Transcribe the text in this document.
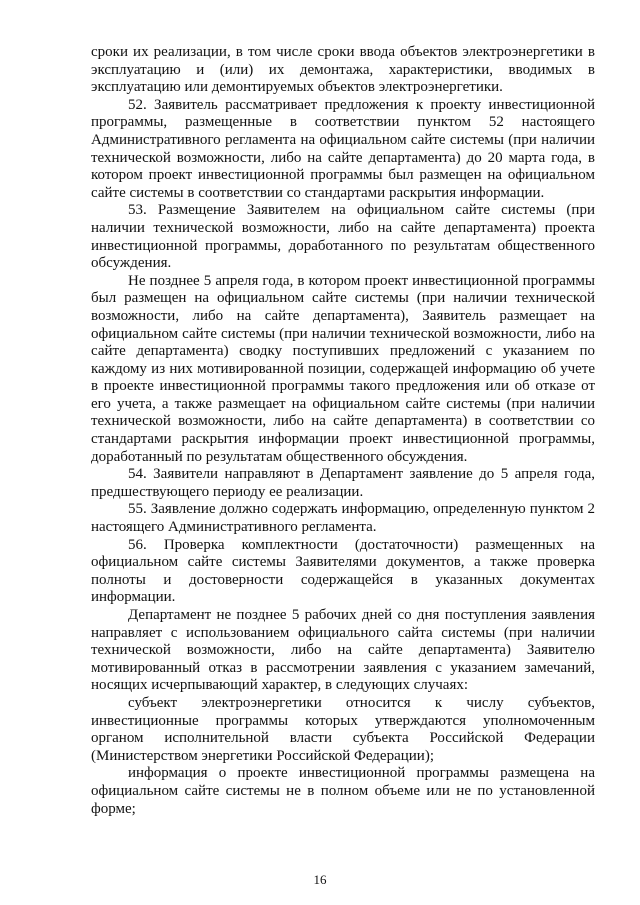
сроки их реализации, в том числе сроки ввода объектов электроэнергетики в эксплуатацию и (или) их демонтажа, характеристики, вводимых в эксплуатацию или демонтируемых объектов электроэнергетики.

52. Заявитель рассматривает предложения к проекту инвестиционной программы, размещенные в соответствии пунктом 52 настоящего Административного регламента на официальном сайте системы (при наличии технической возможности, либо на сайте департамента) до 20 марта года, в котором проект инвестиционной программы был размещен на официальном сайте системы в соответствии со стандартами раскрытия информации.

53. Размещение Заявителем на официальном сайте системы (при наличии технической возможности, либо на сайте департамента) проекта инвестиционной программы, доработанного по результатам общественного обсуждения.

Не позднее 5 апреля года, в котором проект инвестиционной программы был размещен на официальном сайте системы (при наличии технической возможности, либо на сайте департамента), Заявитель размещает на официальном сайте системы (при наличии технической возможности, либо на сайте департамента) сводку поступивших предложений с указанием по каждому из них мотивированной позиции, содержащей информацию об учете в проекте инвестиционной программы такого предложения или об отказе от его учета, а также размещает на официальном сайте системы (при наличии технической возможности, либо на сайте департамента) в соответствии со стандартами раскрытия информации проект инвестиционной программы, доработанный по результатам общественного обсуждения.

54. Заявители направляют в Департамент заявление до 5 апреля года, предшествующего периоду ее реализации.

55. Заявление должно содержать информацию, определенную пунктом 2 настоящего Административного регламента.

56. Проверка комплектности (достаточности) размещенных на официальном сайте системы Заявителями документов, а также проверка полноты и достоверности содержащейся в указанных документах информации.

Департамент не позднее 5 рабочих дней со дня поступления заявления направляет с использованием официального сайта системы (при наличии технической возможности, либо на сайте департамента) Заявителю мотивированный отказ в рассмотрении заявления с указанием замечаний, носящих исчерпывающий характер, в следующих случаях:

субъект электроэнергетики относится к числу субъектов, инвестиционные программы которых утверждаются уполномоченным органом исполнительной власти субъекта Российской Федерации (Министерством энергетики Российской Федерации);

информация о проекте инвестиционной программы размещена на официальном сайте системы не в полном объеме или не по установленной форме;

16
